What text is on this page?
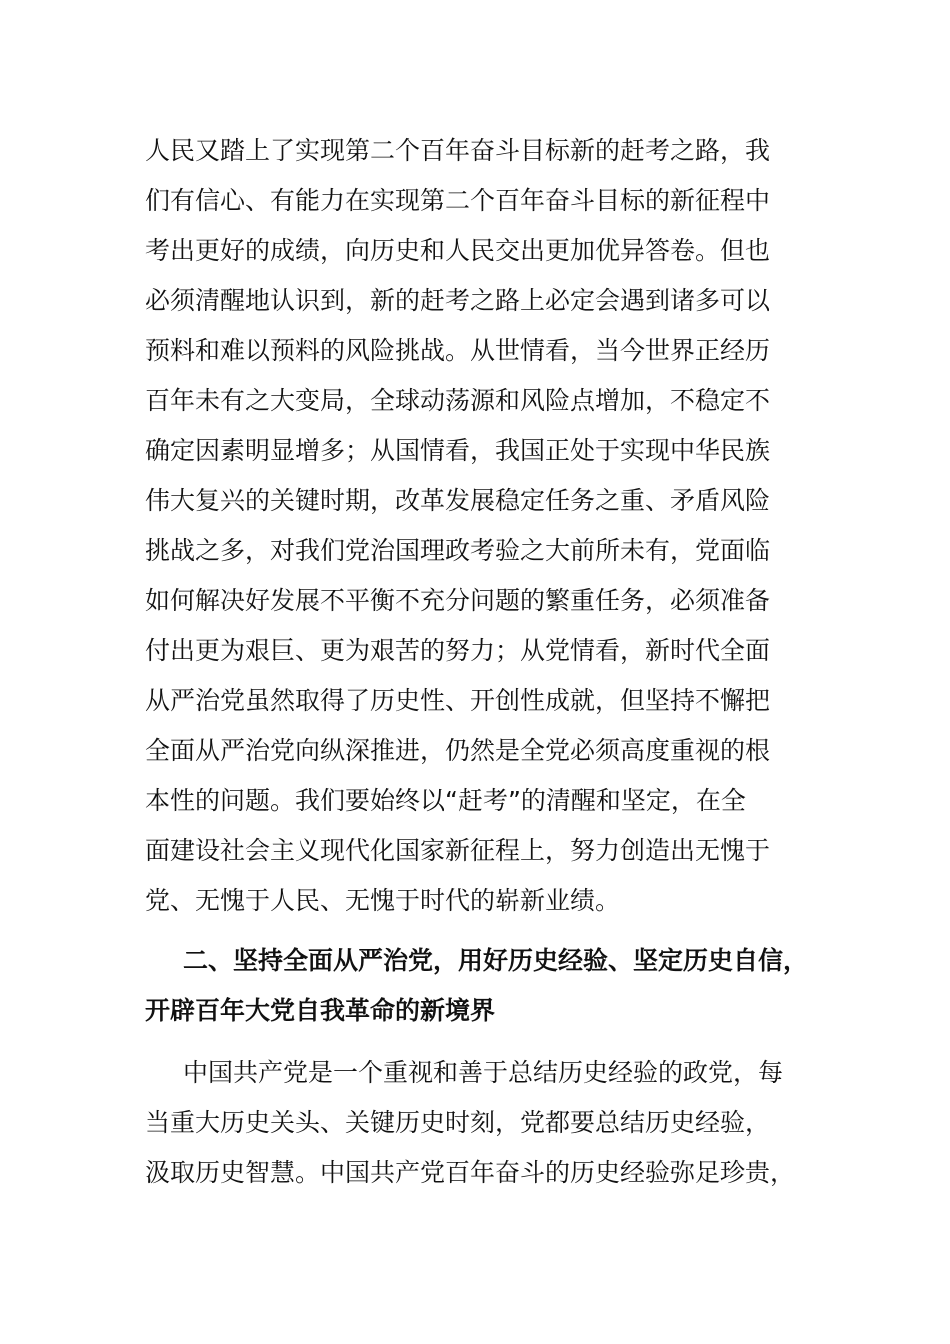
人民又踏上了实现第二个百年奋斗目标新的赶考之路，我
们有信心、有能力在实现第二个百年奋斗目标的新征程中
考出更好的成绩，向历史和人民交出更加优异答卷。但也
必须清醒地认识到，新的赶考之路上必定会遇到诸多可以
预料和难以预料的风险挑战。从世情看，当今世界正经历
百年未有之大变局，全球动荡源和风险点增加，不稳定不
确定因素明显增多；从国情看，我国正处于实现中华民族
伟大复兴的关键时期，改革发展稳定任务之重、矛盾风险
挑战之多，对我们党治国理政考验之大前所未有，党面临
如何解决好发展不平衡不充分问题的繁重任务，必须准备
付出更为艰巨、更为艰苦的努力；从党情看，新时代全面
从严治党虽然取得了历史性、开创性成就，但坚持不懈把
全面从严治党向纵深推进，仍然是全党必须高度重视的根
本性的问题。我们要始终以“赶考”的清醒和坚定，在全
面建设社会主义现代化国家新征程上，努力创造出无愧于
党、无愧于人民、无愧于时代的崭新业绩。
二、坚持全面从严治党，用好历史经验、坚定历史自信，
开辟百年大党自我革命的新境界
中国共产党是一个重视和善于总结历史经验的政党，每
当重大历史关头、关键历史时刻，党都要总结历史经验，
汲取历史智慧。中国共产党百年奋斗的历史经验弥足珍贵，
